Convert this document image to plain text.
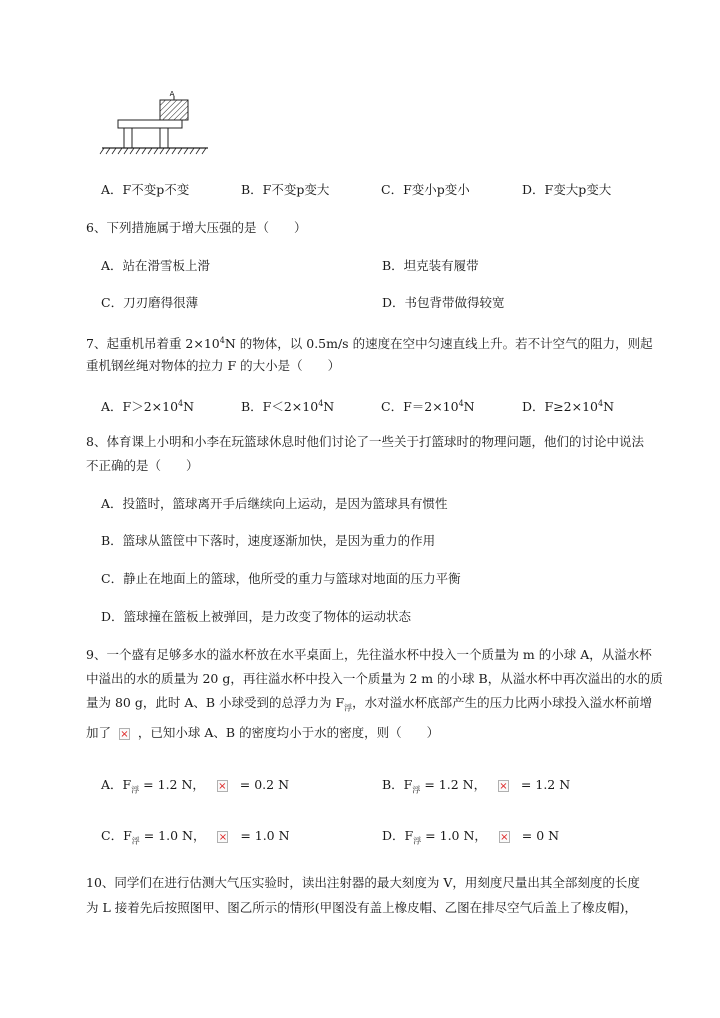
A
A．F不变p不变	B．F不变p变大	C．F变小p变小	D．F变大p变大
6、下列措施属于增大压强的是（　　）
A．站在滑雪板上滑	B．坦克装有履带
C．刀刃磨得很薄	D．书包背带做得较宽
7、起重机吊着重 $2\times 10^4N$ 的物体，以 0.5m/s 的速度在空中匀速直线上升。若不计空气的阻力，则起
重机钢丝绳对物体的拉力 F 的大小是（　　）
A．$F>2\times 10^4N$	B．$F<2\times 10^4N$	C．$F=2\times 10^4N$	D．$F\ge 2\times 10^4N$
8、体育课上小明和小李在玩篮球休息时他们讨论了一些关于打篮球时的物理问题，他们的讨论中说法
不正确的是（　　）
A．投篮时，篮球离开手后继续向上运动，是因为篮球具有惯性
B．篮球从篮筐中下落时，速度逐渐加快，是因为重力的作用
C．静止在地面上的篮球，他所受的重力与篮球对地面的压力平衡
D．篮球撞在篮板上被弹回，是力改变了物体的运动状态
9、一个盛有足够多水的溢水杯放在水平桌面上，先往溢水杯中投入一个质量为 m 的小球 A，从溢水杯
中溢出的水的质量为 20 g，再往溢水杯中投入一个质量为 2 m 的小球 B，从溢水杯中再次溢出的水的质
量为 80 g，此时 A、B 小球受到的总浮力为 $F_浮$，水对溢水杯底部产生的压力比两小球投入溢水杯前增
加了 × ，已知小球 A、B 的密度均小于水的密度，则（　　）
A．$F_浮 = 1.2$ N， ×	= 0.2 N	B．$F_浮 = 1.2$ N， ×	= 1.2 N
C．$F_浮 = 1.0$ N， ×	= 1.0 N	D．$F_浮 = 1.0$ N， ×	= 0 N
10、同学们在进行估测大气压实验时，读出注射器的最大刻度为 V，用刻度尺量出其全部刻度的长度
为 L 接着先后按照图甲、图乙所示的情形(甲图没有盖上橡皮帽、乙图在排尽空气后盖上了橡皮帽)，
